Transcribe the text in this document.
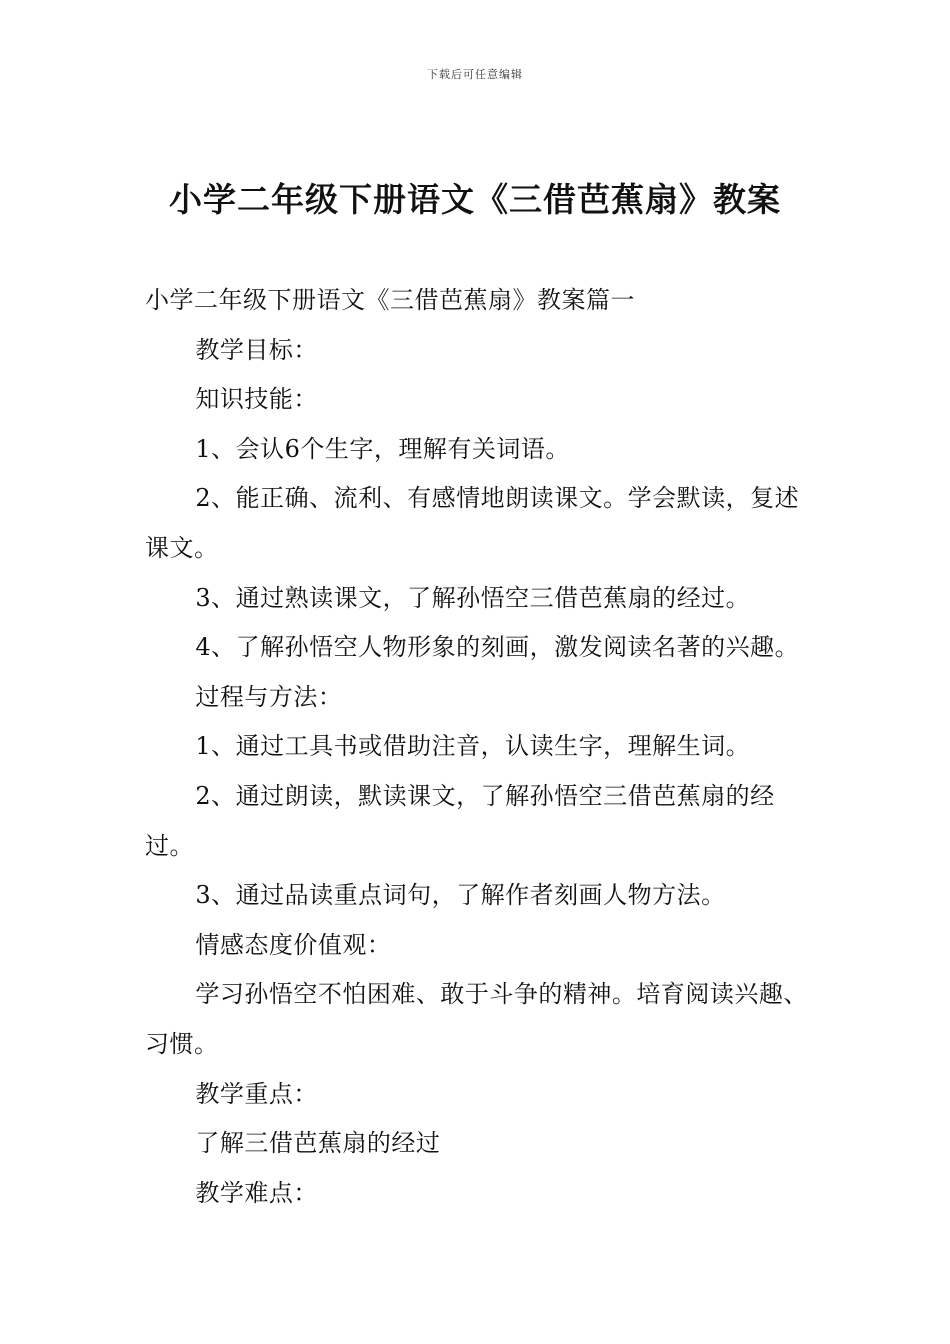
下载后可任意编辑
小学二年级下册语文《三借芭蕉扇》教案

小学二年级下册语文《三借芭蕉扇》教案篇一

教学目标：

知识技能：

1、会认6个生字，理解有关词语。

2、能正确、流利、有感情地朗读课文。学会默读，复述课文。

3、通过熟读课文，了解孙悟空三借芭蕉扇的经过。

4、了解孙悟空人物形象的刻画，激发阅读名著的兴趣。

过程与方法：

1、通过工具书或借助注音，认读生字，理解生词。

2、通过朗读，默读课文，了解孙悟空三借芭蕉扇的经过。

3、通过品读重点词句，了解作者刻画人物方法。

情感态度价值观：

学习孙悟空不怕困难、敢于斗争的精神。培育阅读兴趣、习惯。

教学重点：

了解三借芭蕉扇的经过

教学难点：
